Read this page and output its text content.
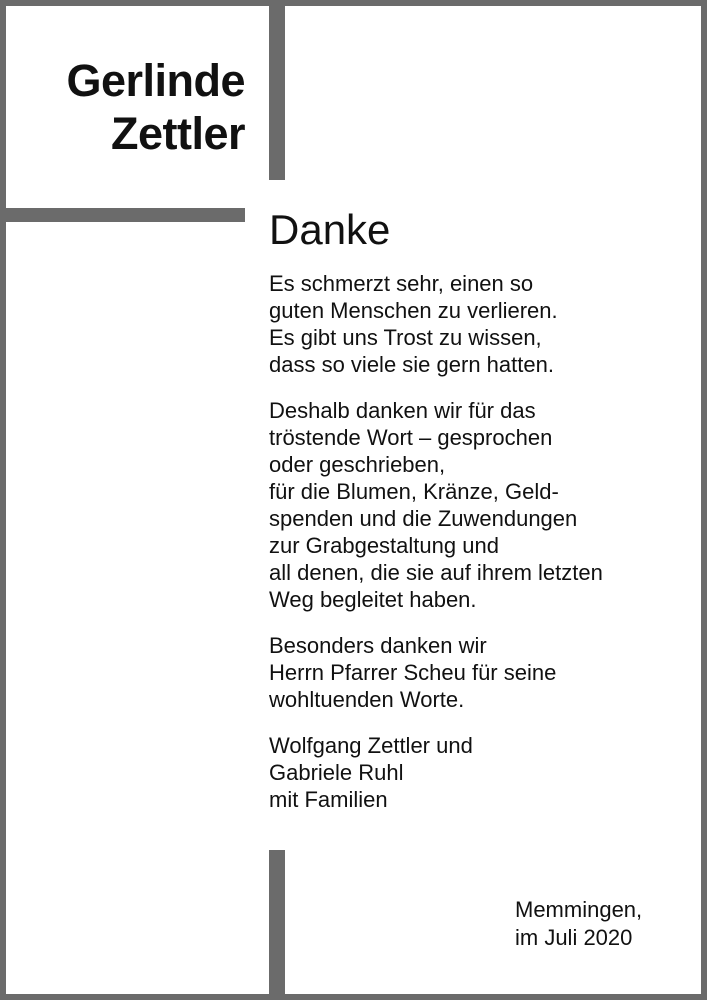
Gerlinde
Zettler
Danke

Es schmerzt sehr, einen so
guten Menschen zu verlieren.
Es gibt uns Trost zu wissen,
dass so viele sie gern hatten.

Deshalb danken wir für das
tröstende Wort – gesprochen
oder geschrieben,
für die Blumen, Kränze, Geld-
spenden und die Zuwendungen
zur Grabgestaltung und
all denen, die sie auf ihrem letzten
Weg begleitet haben.

Besonders danken wir
Herrn Pfarrer Scheu für seine
wohltuenden Worte.

Wolfgang Zettler und
Gabriele Ruhl
mit Familien

Memmingen,
im Juli 2020
